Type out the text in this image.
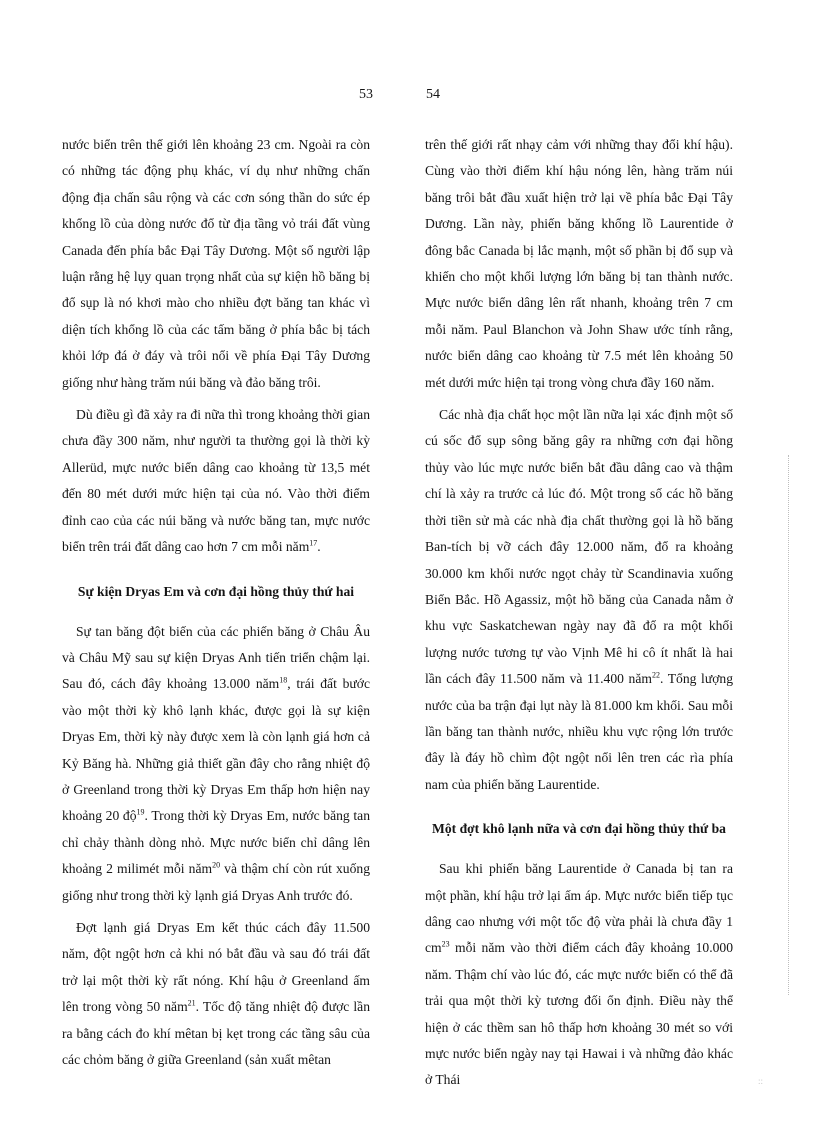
53	54

nước biển trên thế giới lên khoảng 23 cm. Ngoài ra còn có những tác động phụ khác, ví dụ như những chấn động địa chấn sâu rộng và các cơn sóng thần do sức ép khổng lồ của dòng nước đổ từ địa tầng vỏ trái đất vùng Canada đến phía bắc Đại Tây Dương. Một số người lập luận rằng hệ lụy quan trọng nhất của sự kiện hồ băng bị đổ sụp là nó khơi mào cho nhiều đợt băng tan khác vì diện tích khổng lồ của các tấm băng ở phía bắc bị tách khỏi lớp đá ở đáy và trôi nổi về phía Đại Tây Dương giống như hàng trăm núi băng và đảo băng trôi.

Dù điều gì đã xảy ra đi nữa thì trong khoảng thời gian chưa đầy 300 năm, như người ta thường gọi là thời kỳ Allerüd, mực nước biển dâng cao khoảng từ 13,5 mét đến 80 mét dưới mức hiện tại của nó. Vào thời điểm đỉnh cao của các núi băng và nước băng tan, mực nước biển trên trái đất dâng cao hơn 7 cm mỗi năm$^{17}$.

Sự kiện Dryas Em và cơn đại hồng thủy thứ hai

Sự tan băng đột biến của các phiến băng ở Châu Âu và Châu Mỹ sau sự kiện Dryas Anh tiến triển chậm lại. Sau đó, cách đây khoảng 13.000 năm$^{18}$, trái đất bước vào một thời kỳ khô lạnh khác, được gọi là sự kiện Dryas Em, thời kỳ này được xem là còn lạnh giá hơn cả Kỷ Băng hà. Những giả thiết gần đây cho rằng nhiệt độ ở Greenland trong thời kỳ Dryas Em thấp hơn hiện nay khoảng 20 độ$^{19}$. Trong thời kỳ Dryas Em, nước băng tan chỉ chảy thành dòng nhỏ. Mực nước biển chỉ dâng lên khoảng 2 milimét mỗi năm$^{20}$ và thậm chí còn rút xuống giống như trong thời kỳ lạnh giá Dryas Anh trước đó.

Đợt lạnh giá Dryas Em kết thúc cách đây 11.500 năm, đột ngột hơn cả khi nó bắt đầu và sau đó trái đất trở lại một thời kỳ rất nóng. Khí hậu ở Greenland ấm lên trong vòng 50 năm$^{21}$. Tốc độ tăng nhiệt độ được lần ra bằng cách đo khí mêtan bị kẹt trong các tầng sâu của các chỏm băng ở giữa Greenland (sản xuất mêtan

trên thế giới rất nhạy cảm với những thay đổi khí hậu). Cùng vào thời điểm khí hậu nóng lên, hàng trăm núi băng trôi bắt đầu xuất hiện trở lại về phía bắc Đại Tây Dương. Lần này, phiến băng khổng lồ Laurentide ở đông bắc Canada bị lắc mạnh, một số phần bị đổ sụp và khiến cho một khối lượng lớn băng bị tan thành nước. Mực nước biển dâng lên rất nhanh, khoảng trên 7 cm mỗi năm. Paul Blanchon và John Shaw ước tính rằng, nước biển dâng cao khoảng từ 7.5 mét lên khoảng 50 mét dưới mức hiện tại trong vòng chưa đầy 160 năm.

Các nhà địa chất học một lần nữa lại xác định một số cú sốc đổ sụp sông băng gây ra những cơn đại hồng thủy vào lúc mực nước biển bắt đầu dâng cao và thậm chí là xảy ra trước cả lúc đó. Một trong số các hồ băng thời tiền sử mà các nhà địa chất thường gọi là hồ băng Ban-tích bị vỡ cách đây 12.000 năm, đổ ra khoảng 30.000 km khối nước ngọt chảy từ Scandinavia xuống Biển Bắc. Hồ Agassiz, một hồ băng của Canada nằm ở khu vực Saskatchewan ngày nay đã đổ ra một khối lượng nước tương tự vào Vịnh Mê hi cô ít nhất là hai lần cách đây 11.500 năm và 11.400 năm$^{22}$. Tổng lượng nước của ba trận đại lụt này là 81.000 km khối. Sau mỗi lần băng tan thành nước, nhiều khu vực rộng lớn trước đây là đáy hồ chìm đột ngột nổi lên tren các rìa phía nam của phiến băng Laurentide.

Một đợt khô lạnh nữa và cơn đại hồng thủy thứ ba

Sau khi phiến băng Laurentide ở Canada bị tan ra một phần, khí hậu trở lại ấm áp. Mực nước biển tiếp tục dâng cao nhưng với một tốc độ vừa phải là chưa đầy 1 $cm^{23}$ mỗi năm vào thời điểm cách đây khoảng 10.000 năm. Thậm chí vào lúc đó, các mực nước biển có thể đã trải qua một thời kỳ tương đối ổn định. Điều này thể hiện ở các thềm san hô thấp hơn khoảng 30 mét so với mực nước biển ngày nay tại Hawai i và những đảo khác ở Thái	::
